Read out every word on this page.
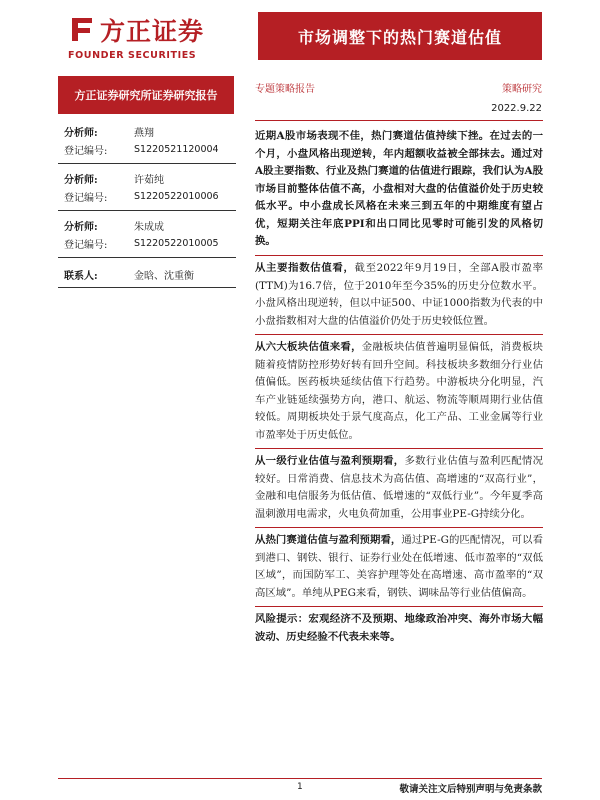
方正证券
FOUNDER SECURITIES
市场调整下的热门赛道估值
方正证券研究所证券研究报告
分析师:	燕翔
登记编号:	S1220521120004
分析师:	许茹纯
登记编号:	S1220522010006
分析师:	朱成成
登记编号:	S1220522010005
联系人:	金晗、沈重衡
专题策略报告	策略研究
2022.9.22

近期A股市场表现不佳，热门赛道估值持续下挫。在过去的一个月，小盘风格出现逆转，年内超额收益被全部抹去。通过对A股主要指数、行业及热门赛道的估值进行跟踪，我们认为A股市场目前整体估值不高，小盘相对大盘的估值溢价处于历史较低水平。中小盘成长风格在未来三到五年的中期维度有望占优，短期关注年底PPI和出口同比见零时可能引发的风格切换。

从主要指数估值看，截至2022年9月19日，全部A股市盈率(TTM)为16.7倍，位于2010年至今35%的历史分位数水平。小盘风格出现逆转，但以中证500、中证1000指数为代表的中小盘指数相对大盘的估值溢价仍处于历史较低位置。

从六大板块估值来看，金融板块估值普遍明显偏低，消费板块随着疫情防控形势好转有回升空间。科技板块多数细分行业估值偏低。医药板块延续估值下行趋势。中游板块分化明显，汽车产业链延续强势方向，港口、航运、物流等顺周期行业估值较低。周期板块处于景气度高点，化工产品、工业金属等行业市盈率处于历史低位。

从一级行业估值与盈利预期看，多数行业估值与盈利匹配情况较好。日常消费、信息技术为高估值、高增速的“双高行业”，金融和电信服务为低估值、低增速的“双低行业”。今年夏季高温刺激用电需求，火电负荷加重，公用事业PE-G持续分化。

从热门赛道估值与盈利预期看，通过PE-G的匹配情况，可以看到港口、钢铁、银行、证券行业处在低增速、低市盈率的“双低区域”，而国防军工、美容护理等处在高增速、高市盈率的“双高区域”。单纯从PEG来看，钢铁、调味品等行业估值偏高。

风险提示：宏观经济不及预期、地缘政治冲突、海外市场大幅波动、历史经验不代表未来等。

1	敬请关注文后特别声明与免责条款
